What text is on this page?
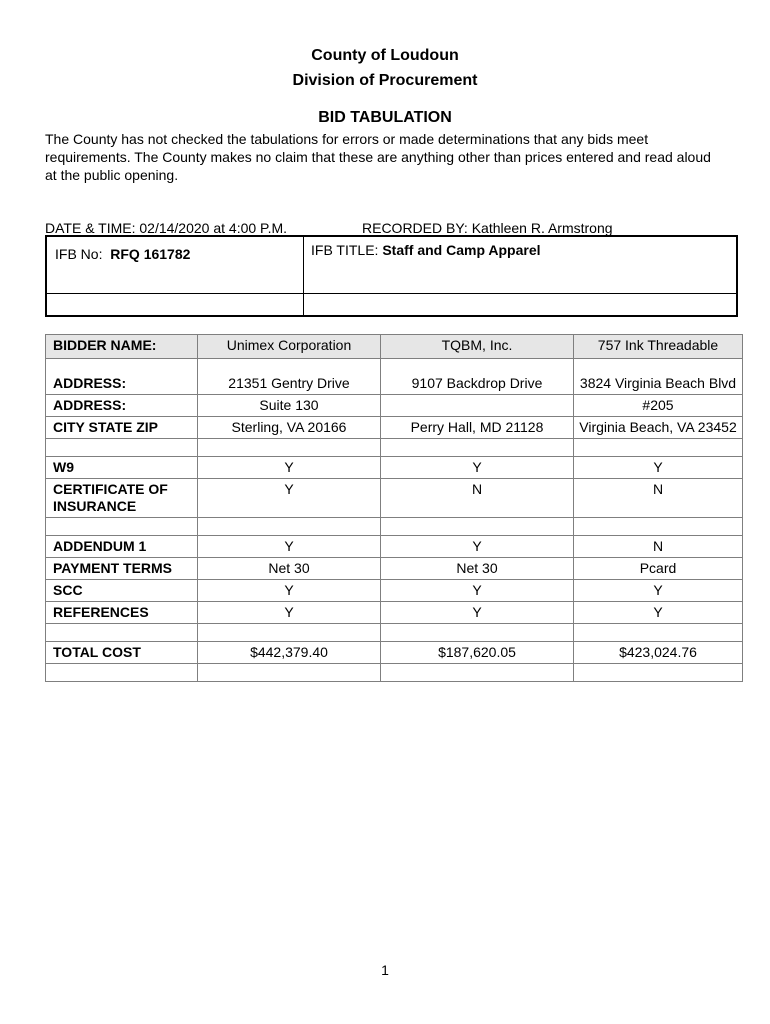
County of Loudoun
Division of Procurement
BID TABULATION

The County has not checked the tabulations for errors or made determinations that any bids meet requirements. The County makes no claim that these are anything other than prices entered and read aloud at the public opening.

DATE & TIME: 02/14/2020 at 4:00 P.M.	RECORDED BY: Kathleen R. Armstrong
IFB No: RFQ 161782	IFB TITLE: Staff and Camp Apparel
BIDDER NAME:	Unimex Corporation	TQBM, Inc.	757 Ink Threadable
ADDRESS:	21351 Gentry Drive	9107 Backdrop Drive	3824 Virginia Beach Blvd
ADDRESS:	Suite 130		#205
CITY STATE ZIP	Sterling, VA 20166	Perry Hall, MD 21128	Virginia Beach, VA 23452

W9	Y	Y	Y
CERTIFICATE OF INSURANCE	Y	N	N

ADDENDUM 1	Y	Y	N
PAYMENT TERMS	Net 30	Net 30	Pcard
SCC	Y	Y	Y
REFERENCES	Y	Y	Y

TOTAL COST	$442,379.40	$187,620.05	$423,024.76

1
